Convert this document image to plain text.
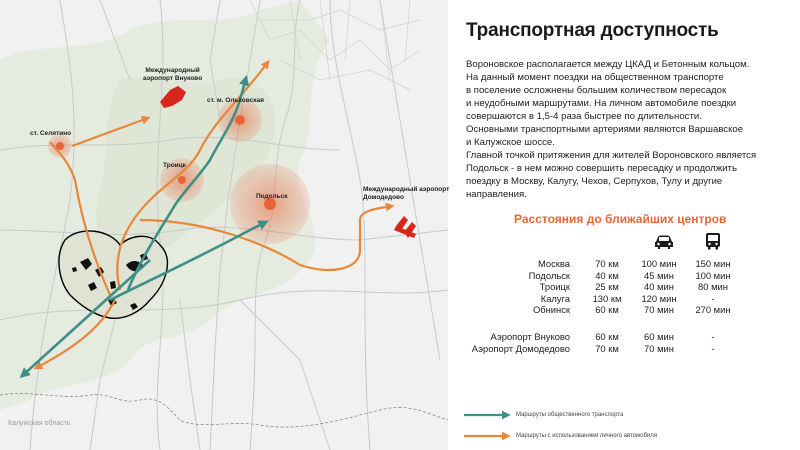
Международный
аэропорт Внуково
ст. м. Ольховская
ст. Селятино
Троицк
Подольск
Международный аэропорт
Домодедово
Калужская область
Транспортная доступность
Вороновское располагается между ЦКАД и Бетонным кольцом.
На данный момент поездки на общественном транспорте
в поселение осложнены большим количеством пересадок
и неудобными маршрутами. На личном автомобиле поездки
совершаются в 1,5-4 раза быстрее по длительности.
Основными транспортными артериями являются Варшавское
и Калужское шоссе.
Главной точкой притяжения для жителей Вороновского является
Подольск - в нем можно совершить пересадку и продолжить
поездку в Москву, Калугу, Чехов, Серпухов, Тулу и другие
направления.
Расстояния до ближайших центров
Москва	70 км	100 мин	150 мин
Подольск	40 км	45 мин	100 мин
Троицк	25 км	40 мин	80 мин
Калуга	130 км	120 мин	-
Обнинск	60 км	70 мин	270 мин
Аэропорт Внуково	60 км	60 мин	-
Аэропорт Домодедово	70 км	70 мин	-
Маршруты общественного транспорта
Маршруты с использованием личного автомобиля
